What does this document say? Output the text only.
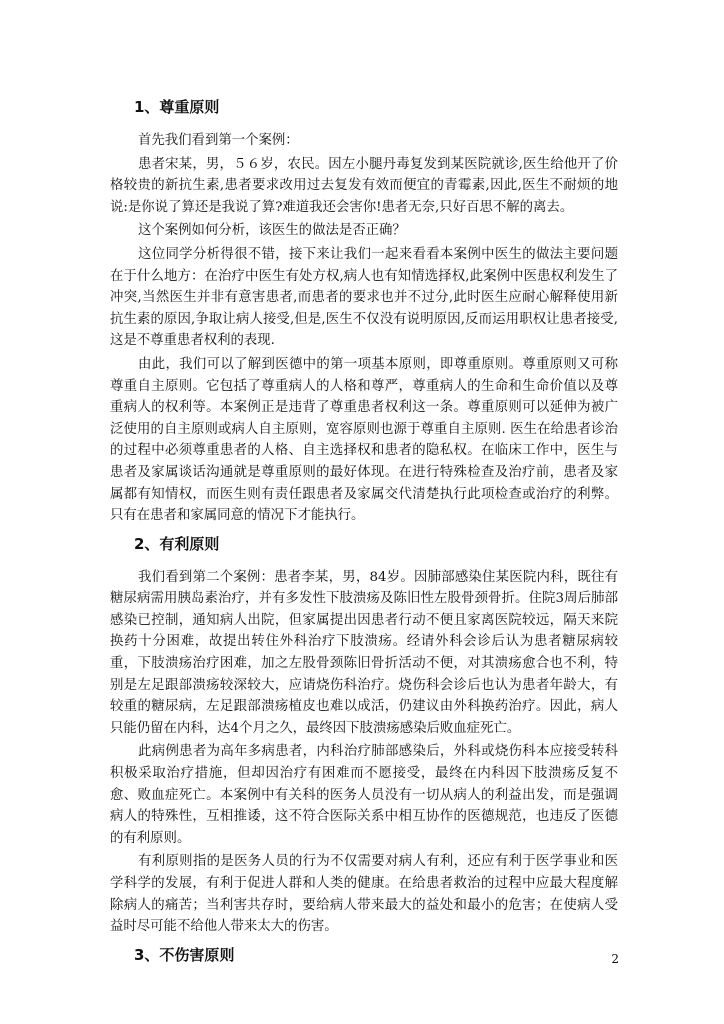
1、尊重原则

首先我们看到第一个案例：

患者宋某，男，５６岁，农民。因左小腿丹毒复发到某医院就诊,医生给他开了价格较贵的新抗生素,患者要求改用过去复发有效而便宜的青霉素,因此,医生不耐烦的地说:是你说了算还是我说了算?难道我还会害你!患者无奈,只好百思不解的离去。

这个案例如何分析，该医生的做法是否正确？

这位同学分析得很不错，接下来让我们一起来看看本案例中医生的做法主要问题在于什么地方：在治疗中医生有处方权,病人也有知情选择权,此案例中医患权利发生了冲突,当然医生并非有意害患者,而患者的要求也并不过分,此时医生应耐心解释使用新抗生素的原因,争取让病人接受,但是,医生不仅没有说明原因,反而运用职权让患者接受,这是不尊重患者权利的表现.

由此，我们可以了解到医德中的第一项基本原则，即尊重原则。尊重原则又可称尊重自主原则。它包括了尊重病人的人格和尊严，尊重病人的生命和生命价值以及尊重病人的权利等。本案例正是违背了尊重患者权利这一条。尊重原则可以延伸为被广泛使用的自主原则或病人自主原则，宽容原则也源于尊重自主原则. 医生在给患者诊治的过程中必须尊重患者的人格、自主选择权和患者的隐私权。在临床工作中，医生与患者及家属谈话沟通就是尊重原则的最好体现。在进行特殊检查及治疗前，患者及家属都有知情权，而医生则有责任跟患者及家属交代清楚执行此项检查或治疗的利弊。只有在患者和家属同意的情况下才能执行。

2、有利原则

我们看到第二个案例：患者李某，男，84岁。因肺部感染住某医院内科，既往有糖尿病需用胰岛素治疗，并有多发性下肢溃疡及陈旧性左股骨颈骨折。住院3周后肺部感染已控制，通知病人出院，但家属提出因患者行动不便且家离医院较远，隔天来院换药十分困难，故提出转住外科治疗下肢溃疡。经请外科会诊后认为患者糖尿病较重，下肢溃疡治疗困难，加之左股骨颈陈旧骨折活动不便，对其溃疡愈合也不利，特别是左足跟部溃疡较深较大，应请烧伤科治疗。烧伤科会诊后也认为患者年龄大，有较重的糖尿病，左足跟部溃疡植皮也难以成活，仍建议由外科换药治疗。因此，病人只能仍留在内科，达4个月之久，最终因下肢溃疡感染后败血症死亡。

此病例患者为高年多病患者，内科治疗肺部感染后，外科或烧伤科本应接受转科积极采取治疗措施，但却因治疗有困难而不愿接受，最终在内科因下肢溃疡反复不愈、败血症死亡。本案例中有关科的医务人员没有一切从病人的利益出发，而是强调病人的特殊性，互相推诿，这不符合医际关系中相互协作的医德规范，也违反了医德的有利原则。

有利原则指的是医务人员的行为不仅需要对病人有利，还应有利于医学事业和医学科学的发展，有利于促进人群和人类的健康。在给患者救治的过程中应最大程度解除病人的痛苦；当利害共存时，要给病人带来最大的益处和最小的危害；在使病人受益时尽可能不给他人带来太大的伤害。

3、不伤害原则	2
